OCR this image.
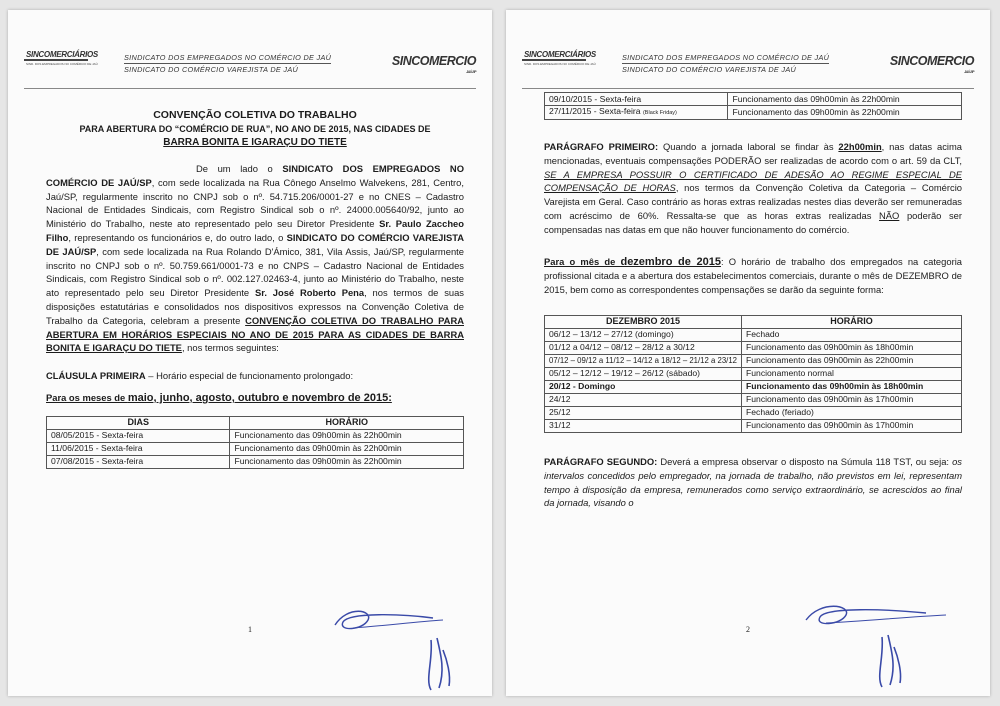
SINCOMERCIÁRIOS
SIND. DOS EMPREGADOS NO COMÉRCIO DE JAÚ
SINDICATO DOS EMPREGADOS NO COMÉRCIO DE JAÚ
SINDICATO DO COMÉRCIO VAREJISTA DE JAÚ
SINCOMERCIO
JAÚ-SP
CONVENÇÃO COLETIVA DO TRABALHO
PARA ABERTURA DO “COMÉRCIO DE RUA”, NO ANO DE 2015, NAS CIDADES DE
BARRA BONITA E IGARAÇU DO TIETE

De um lado o SINDICATO DOS EMPREGADOS NO COMÉRCIO DE JAÚ/SP, com sede localizada na Rua Cônego Anselmo Walvekens, 281, Centro, Jaú/SP, regularmente inscrito no CNPJ sob o nº. 54.715.206/0001-27 e no CNES – Cadastro Nacional de Entidades Sindicais, com Registro Sindical sob o nº. 24000.005640/92, junto ao Ministério do Trabalho, neste ato representado pelo seu Diretor Presidente Sr. Paulo Zaccheo Filho, representando os funcionários e, do outro lado, o SINDICATO DO COMÉRCIO VAREJISTA DE JAÚ/SP, com sede localizada na Rua Rolando D'Ámico, 381, Vila Assis, Jaú/SP, regularmente inscrito no CNPJ sob o nº. 50.759.661/0001-73 e no CNPS – Cadastro Nacional de Entidades Sindicais, com Registro Sindical sob o nº. 002.127.02463-4, junto ao Ministério do Trabalho, neste ato representado pelo seu Diretor Presidente Sr. José Roberto Pena, nos termos de suas disposições estatutárias e consolidados nos dispositivos expressos na Convenção Coletiva de Trabalho da Categoria, celebram a presente CONVENÇÃO COLETIVA DO TRABALHO PARA ABERTURA EM HORÁRIOS ESPECIAIS NO ANO DE 2015 PARA AS CIDADES DE BARRA BONITA E IGARAÇU DO TIETE, nos termos seguintes:

CLÁUSULA PRIMEIRA – Horário especial de funcionamento prolongado:

Para os meses de maio, junho, agosto, outubro e novembro de 2015:

DIAS	HORÁRIO
08/05/2015 - Sexta-feira	Funcionamento das 09h00min às 22h00min
11/06/2015 - Sexta-feira	Funcionamento das 09h00min às 22h00min
07/08/2015 - Sexta-feira	Funcionamento das 09h00min às 22h00min
1
SINCOMERCIÁRIOS
SIND. DOS EMPREGADOS NO COMÉRCIO DE JAÚ
SINDICATO DOS EMPREGADOS NO COMÉRCIO DE JAÚ
SINDICATO DO COMÉRCIO VAREJISTA DE JAÚ
SINCOMERCIO
JAÚ-SP
09/10/2015 - Sexta-feira	Funcionamento das 09h00min às 22h00min
27/11/2015 - Sexta-feira (Black Friday)	Funcionamento das 09h00min às 22h00min

PARÁGRAFO PRIMEIRO: Quando a jornada laboral se findar às 22h00min, nas datas acima mencionadas, eventuais compensações PODERÃO ser realizadas de acordo com o art. 59 da CLT, SE A EMPRESA POSSUIR O CERTIFICADO DE ADESÃO AO REGIME ESPECIAL DE COMPENSAÇÃO DE HORAS, nos termos da Convenção Coletiva da Categoria – Comércio Varejista em Geral. Caso contrário as horas extras realizadas nestes dias deverão ser remuneradas com acréscimo de 60%. Ressalta-se que as horas extras realizadas NÃO poderão ser compensadas nas datas em que não houver funcionamento do comércio.

Para o mês de dezembro de 2015: O horário de trabalho dos empregados na categoria profissional citada e a abertura dos estabelecimentos comerciais, durante o mês de DEZEMBRO de 2015, bem como as correspondentes compensações se darão da seguinte forma:

DEZEMBRO 2015	HORÁRIO
06/12 – 13/12 – 27/12 (domingo)	Fechado
01/12 a 04/12 – 08/12 – 28/12 a 30/12	Funcionamento das 09h00min às 18h00min
07/12 – 09/12 a 11/12 – 14/12 a 18/12 – 21/12 a 23/12	Funcionamento das 09h00min às 22h00min
05/12 – 12/12 – 19/12 – 26/12 (sábado)	Funcionamento normal
20/12 - Domingo	Funcionamento das 09h00min às 18h00min
24/12	Funcionamento das 09h00min às 17h00min
25/12	Fechado (feriado)
31/12	Funcionamento das 09h00min às 17h00min

PARÁGRAFO SEGUNDO: Deverá a empresa observar o disposto na Súmula 118 TST, ou seja: os intervalos concedidos pelo empregador, na jornada de trabalho, não previstos em lei, representam tempo à disposição da empresa, remunerados como serviço extraordinário, se acrescidos ao final da jornada, visando o

2
